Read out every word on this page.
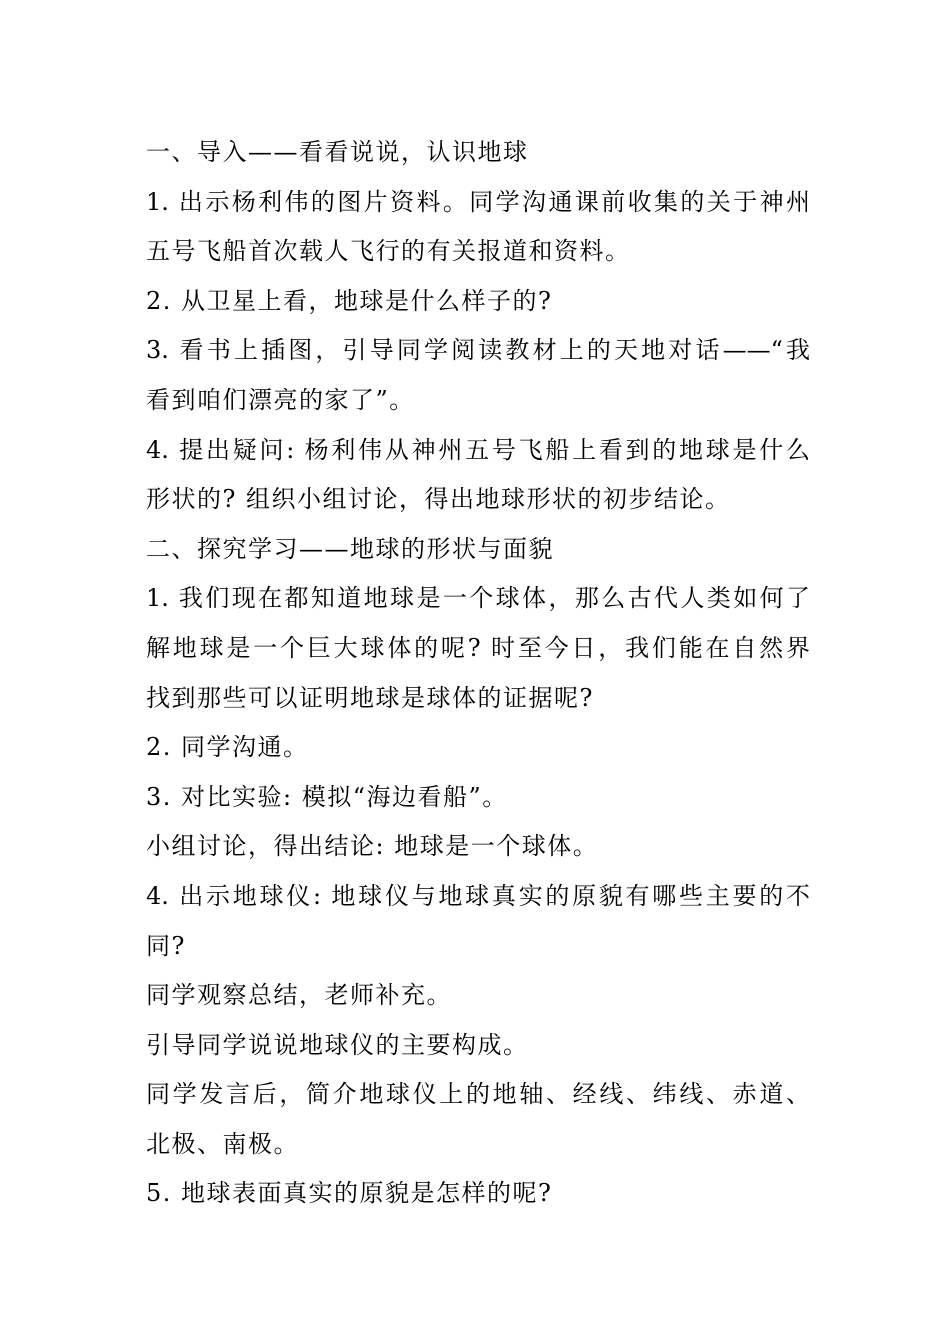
一、导入——看看说说，认识地球
1. 出示杨利伟的图片资料。同学沟通课前收集的关于神州
五号飞船首次载人飞行的有关报道和资料。
2. 从卫星上看，地球是什么样子的?
3. 看书上插图，引导同学阅读教材上的天地对话——“我
看到咱们漂亮的家了”。
4. 提出疑问: 杨利伟从神州五号飞船上看到的地球是什么
形状的? 组织小组讨论，得出地球形状的初步结论。
二、探究学习——地球的形状与面貌
1. 我们现在都知道地球是一个球体，那么古代人类如何了
解地球是一个巨大球体的呢? 时至今日，我们能在自然界
找到那些可以证明地球是球体的证据呢?
2. 同学沟通。
3. 对比实验: 模拟“海边看船”。
小组讨论，得出结论: 地球是一个球体。
4. 出示地球仪: 地球仪与地球真实的原貌有哪些主要的不
同?
同学观察总结，老师补充。
引导同学说说地球仪的主要构成。
同学发言后，简介地球仪上的地轴、经线、纬线、赤道、
北极、南极。
5. 地球表面真实的原貌是怎样的呢?
